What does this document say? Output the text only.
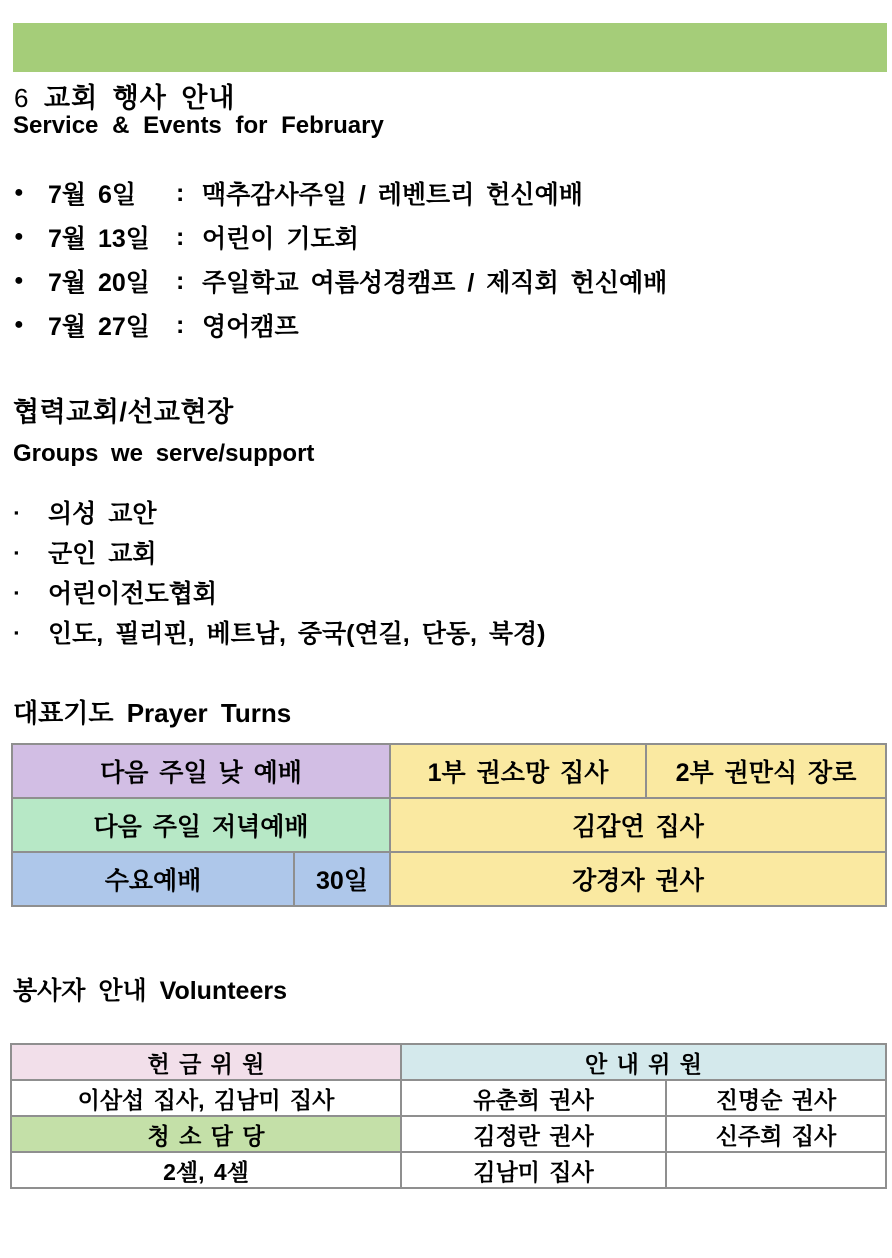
6 교회 행사 안내
Service & Events for February
● 7월 6일	: 맥추감사주일 / 레벤트리 헌신예배
● 7월 13일	: 어린이 기도회
● 7월 20일	: 주일학교 여름성경캠프 / 제직회 헌신예배
● 7월 27일	: 영어캠프
협력교회/선교현장
Groups we serve/support
▪	의성 교안
▪	군인 교회
▪	어린이전도협회
▪	인도, 필리핀, 베트남, 중국(연길, 단동, 북경)
대표기도 Prayer Turns
다음 주일 낮 예배		1부 권소망 집사	2부 권만식 장로
다음 주일 저녁예배		김갑연 집사	
수요예배	30일	강경자 권사	
봉사자 안내 Volunteers
헌 금 위 원	안 내 위 원	
이삼섭 집사, 김남미 집사	유춘희 권사	진명순 권사
청 소 담 당	김정란 권사	신주희 집사
2셀, 4셀	김남미 집사	
